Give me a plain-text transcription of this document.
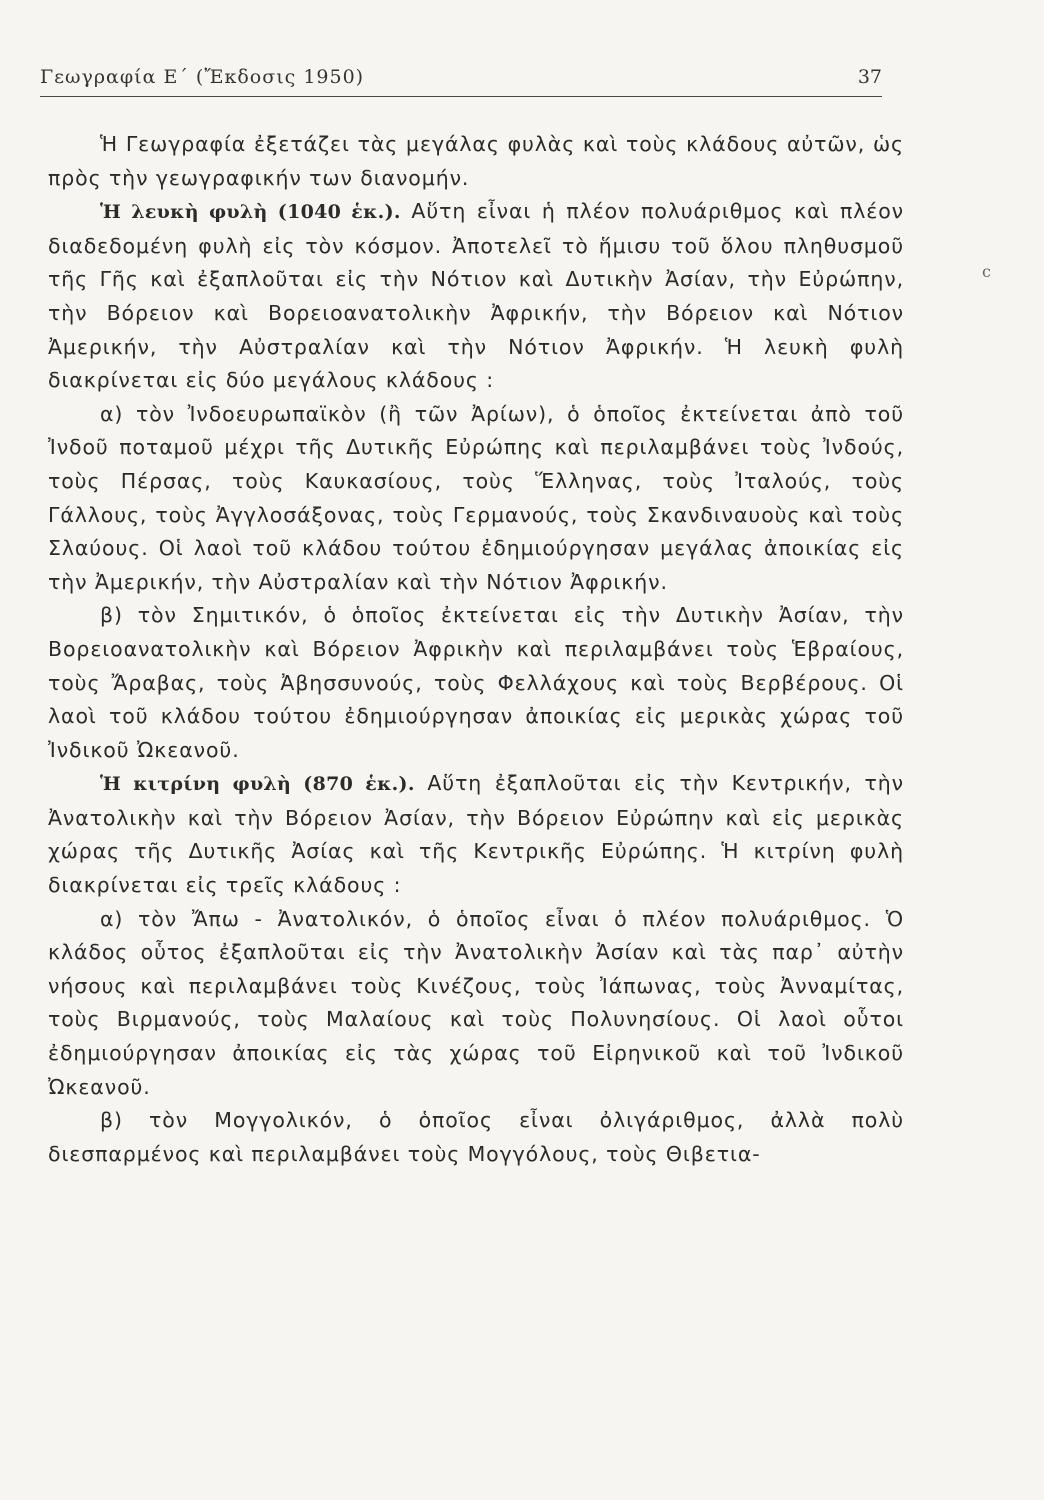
Γεωγραφία Ε΄ (Ἔκδοσις 1950)	37
c

Ἡ Γεωγραφία ἐξετάζει τὰς μεγάλας φυλὰς καὶ τοὺς κλάδους αὐτῶν, ὡς πρὸς τὴν γεωγραφικήν των διανομήν.

Ἡ λευκὴ φυλὴ (1040 ἑκ.). Αὕτη εἶναι ἡ πλέον πολυάριθμος καὶ πλέον διαδεδομένη φυλὴ εἰς τὸν κόσμον. Ἀποτελεῖ τὸ ἥμισυ τοῦ ὅλου πληθυσμοῦ τῆς Γῆς καὶ ἐξαπλοῦται εἰς τὴν Νότιον καὶ Δυτικὴν Ἀσίαν, τὴν Εὐρώπην, τὴν Βόρειον καὶ Βορειοανατολικὴν Ἀφρικήν, τὴν Βόρειον καὶ Νότιον Ἀμερικήν, τὴν Αὐστραλίαν καὶ τὴν Νότιον Ἀφρικήν. Ἡ λευκὴ φυλὴ διακρίνεται εἰς δύο μεγάλους κλάδους :

α) τὸν Ἰνδοευρωπαϊκὸν (ἢ τῶν Ἀρίων), ὁ ὁποῖος ἐκτείνεται ἀπὸ τοῦ Ἰνδοῦ ποταμοῦ μέχρι τῆς Δυτικῆς Εὐρώπης καὶ περιλαμβάνει τοὺς Ἰνδούς, τοὺς Πέρσας, τοὺς Καυκασίους, τοὺς Ἕλληνας, τοὺς Ἰταλούς, τοὺς Γάλλους, τοὺς Ἀγγλοσάξονας, τοὺς Γερμανούς, τοὺς Σκανδιναυοὺς καὶ τοὺς Σλαύους. Οἱ λαοὶ τοῦ κλάδου τούτου ἐδημιούργησαν μεγάλας ἀποικίας εἰς τὴν Ἀμερικήν, τὴν Αὐστραλίαν καὶ τὴν Νότιον Ἀφρικήν.

β) τὸν Σημιτικόν, ὁ ὁποῖος ἐκτείνεται εἰς τὴν Δυτικὴν Ἀσίαν, τὴν Βορειοανατολικὴν καὶ Βόρειον Ἀφρικὴν καὶ περιλαμβάνει τοὺς Ἑβραίους, τοὺς Ἄραβας, τοὺς Ἀβησσυνούς, τοὺς Φελλάχους καὶ τοὺς Βερβέρους. Οἱ λαοὶ τοῦ κλάδου τούτου ἐδημιούργησαν ἀποικίας εἰς μερικὰς χώρας τοῦ Ἰνδικοῦ Ὠκεανοῦ.

Ἡ κιτρίνη φυλὴ (870 ἑκ.). Αὕτη ἐξαπλοῦται εἰς τὴν Κεντρικήν, τὴν Ἀνατολικὴν καὶ τὴν Βόρειον Ἀσίαν, τὴν Βόρειον Εὐρώπην καὶ εἰς μερικὰς χώρας τῆς Δυτικῆς Ἀσίας καὶ τῆς Κεντρικῆς Εὐρώπης. Ἡ κιτρίνη φυλὴ διακρίνεται εἰς τρεῖς κλάδους :

α) τὸν Ἄπω - Ἀνατολικόν, ὁ ὁποῖος εἶναι ὁ πλέον πολυάριθμος. Ὁ κλάδος οὗτος ἐξαπλοῦται εἰς τὴν Ἀνατολικὴν Ἀσίαν καὶ τὰς παρ᾽ αὐτὴν νήσους καὶ περιλαμβάνει τοὺς Κινέζους, τοὺς Ἰάπωνας, τοὺς Ἀνναμίτας, τοὺς Βιρμανούς, τοὺς Μαλαίους καὶ τοὺς Πολυνησίους. Οἱ λαοὶ οὗτοι ἐδημιούργησαν ἀποικίας εἰς τὰς χώρας τοῦ Εἰρηνικοῦ καὶ τοῦ Ἰνδικοῦ Ὠκεανοῦ.

β) τὸν Μογγολικόν, ὁ ὁποῖος εἶναι ὀλιγάριθμος, ἀλλὰ πολὺ διεσπαρμένος καὶ περιλαμβάνει τοὺς Μογγόλους, τοὺς Θιβετια-
